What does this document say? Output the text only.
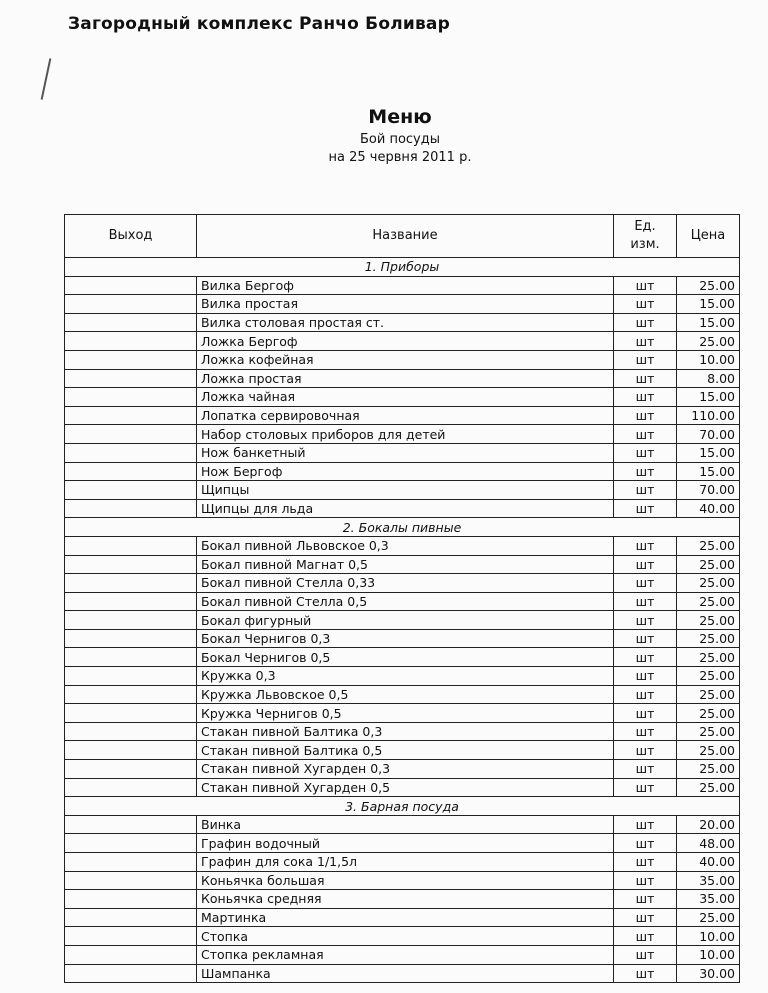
Загородный комплекс Ранчо Боливар
Меню
Бой посуды
на 25 червня 2011 р.
Выход	Название	Ед. изм.	Цена
1. Приборы			
	Вилка Бергоф	шт	25.00
	Вилка простая	шт	15.00
	Вилка столовая простая ст.	шт	15.00
	Ложка Бергоф	шт	25.00
	Ложка кофейная	шт	10.00
	Ложка простая	шт	8.00
	Ложка чайная	шт	15.00
	Лопатка сервировочная	шт	110.00
	Набор столовых приборов для детей	шт	70.00
	Нож банкетный	шт	15.00
	Нож Бергоф	шт	15.00
	Щипцы	шт	70.00
	Щипцы для льда	шт	40.00
2. Бокалы пивные			
	Бокал пивной Львовское 0,3	шт	25.00
	Бокал пивной Магнат 0,5	шт	25.00
	Бокал пивной Стелла 0,33	шт	25.00
	Бокал пивной Стелла 0,5	шт	25.00
	Бокал фигурный	шт	25.00
	Бокал Чернигов 0,3	шт	25.00
	Бокал Чернигов 0,5	шт	25.00
	Кружка 0,3	шт	25.00
	Кружка Львовское 0,5	шт	25.00
	Кружка Чернигов 0,5	шт	25.00
	Стакан пивной Балтика 0,3	шт	25.00
	Стакан пивной Балтика 0,5	шт	25.00
	Стакан пивной Хугарден 0,3	шт	25.00
	Стакан пивной Хугарден 0,5	шт	25.00
3. Барная посуда			
	Винка	шт	20.00
	Графин водочный	шт	48.00
	Графин для сока 1/1,5л	шт	40.00
	Коньячка большая	шт	35.00
	Коньячка средняя	шт	35.00
	Мартинка	шт	25.00
	Стопка	шт	10.00
	Стопка рекламная	шт	10.00
	Шампанка	шт	30.00
